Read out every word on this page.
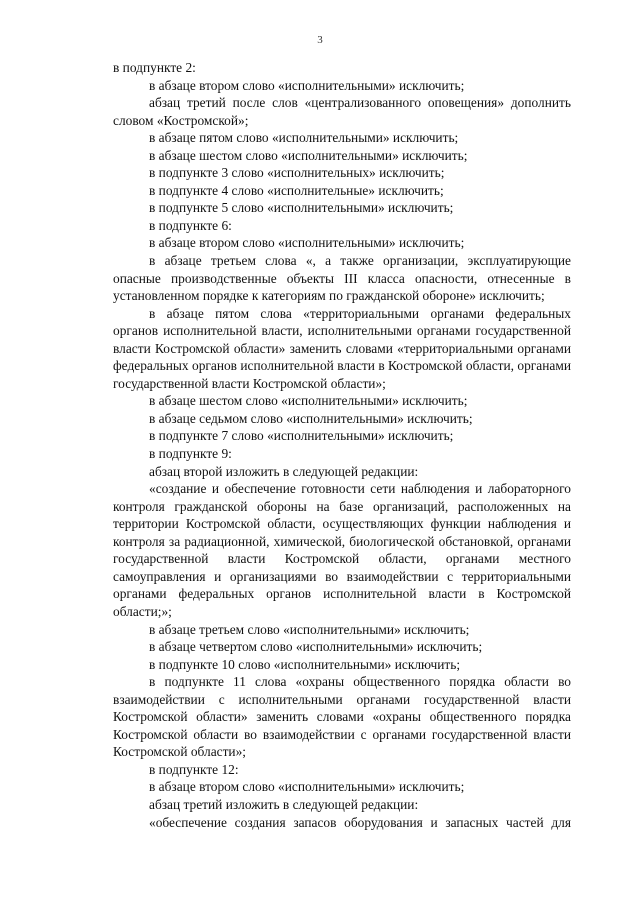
3

в подпункте 2:

в абзаце втором слово «исполнительными» исключить;

абзац третий после слов «централизованного оповещения» дополнить словом «Костромской»;

в абзаце пятом слово «исполнительными» исключить;

в абзаце шестом слово «исполнительными» исключить;

в подпункте 3 слово «исполнительных» исключить;

в подпункте 4 слово «исполнительные» исключить;

в подпункте 5 слово «исполнительными» исключить;

в подпункте 6:

в абзаце втором слово «исполнительными» исключить;

в абзаце третьем слова «, а также организации, эксплуатирующие опасные производственные объекты III класса опасности, отнесенные в установленном порядке к категориям по гражданской обороне» исключить;

в абзаце пятом слова «территориальными органами федеральных органов исполнительной власти, исполнительными органами государственной власти Костромской области» заменить словами «территориальными органами федеральных органов исполнительной власти в Костромской области, органами государственной власти Костромской области»;

в абзаце шестом слово «исполнительными» исключить;

в абзаце седьмом слово «исполнительными» исключить;

в подпункте 7 слово «исполнительными» исключить;

в подпункте 9:

абзац второй изложить в следующей редакции:

«создание и обеспечение готовности сети наблюдения и лабораторного контроля гражданской обороны на базе организаций, расположенных на территории Костромской области, осуществляющих функции наблюдения и контроля за радиационной, химической, биологической обстановкой, органами государственной власти Костромской области, органами местного самоуправления и организациями во взаимодействии с территориальными органами федеральных органов исполнительной власти в Костромской области;»;

в абзаце третьем слово «исполнительными» исключить;

в абзаце четвертом слово «исполнительными» исключить;

в подпункте 10 слово «исполнительными» исключить;

в подпункте 11 слова «охраны общественного порядка области во взаимодействии с исполнительными органами государственной власти Костромской области» заменить словами «охраны общественного порядка Костромской области во взаимодействии с органами государственной власти Костромской области»;

в подпункте 12:

в абзаце втором слово «исполнительными» исключить;

абзац третий изложить в следующей редакции:

«обеспечение создания запасов оборудования и запасных частей для
